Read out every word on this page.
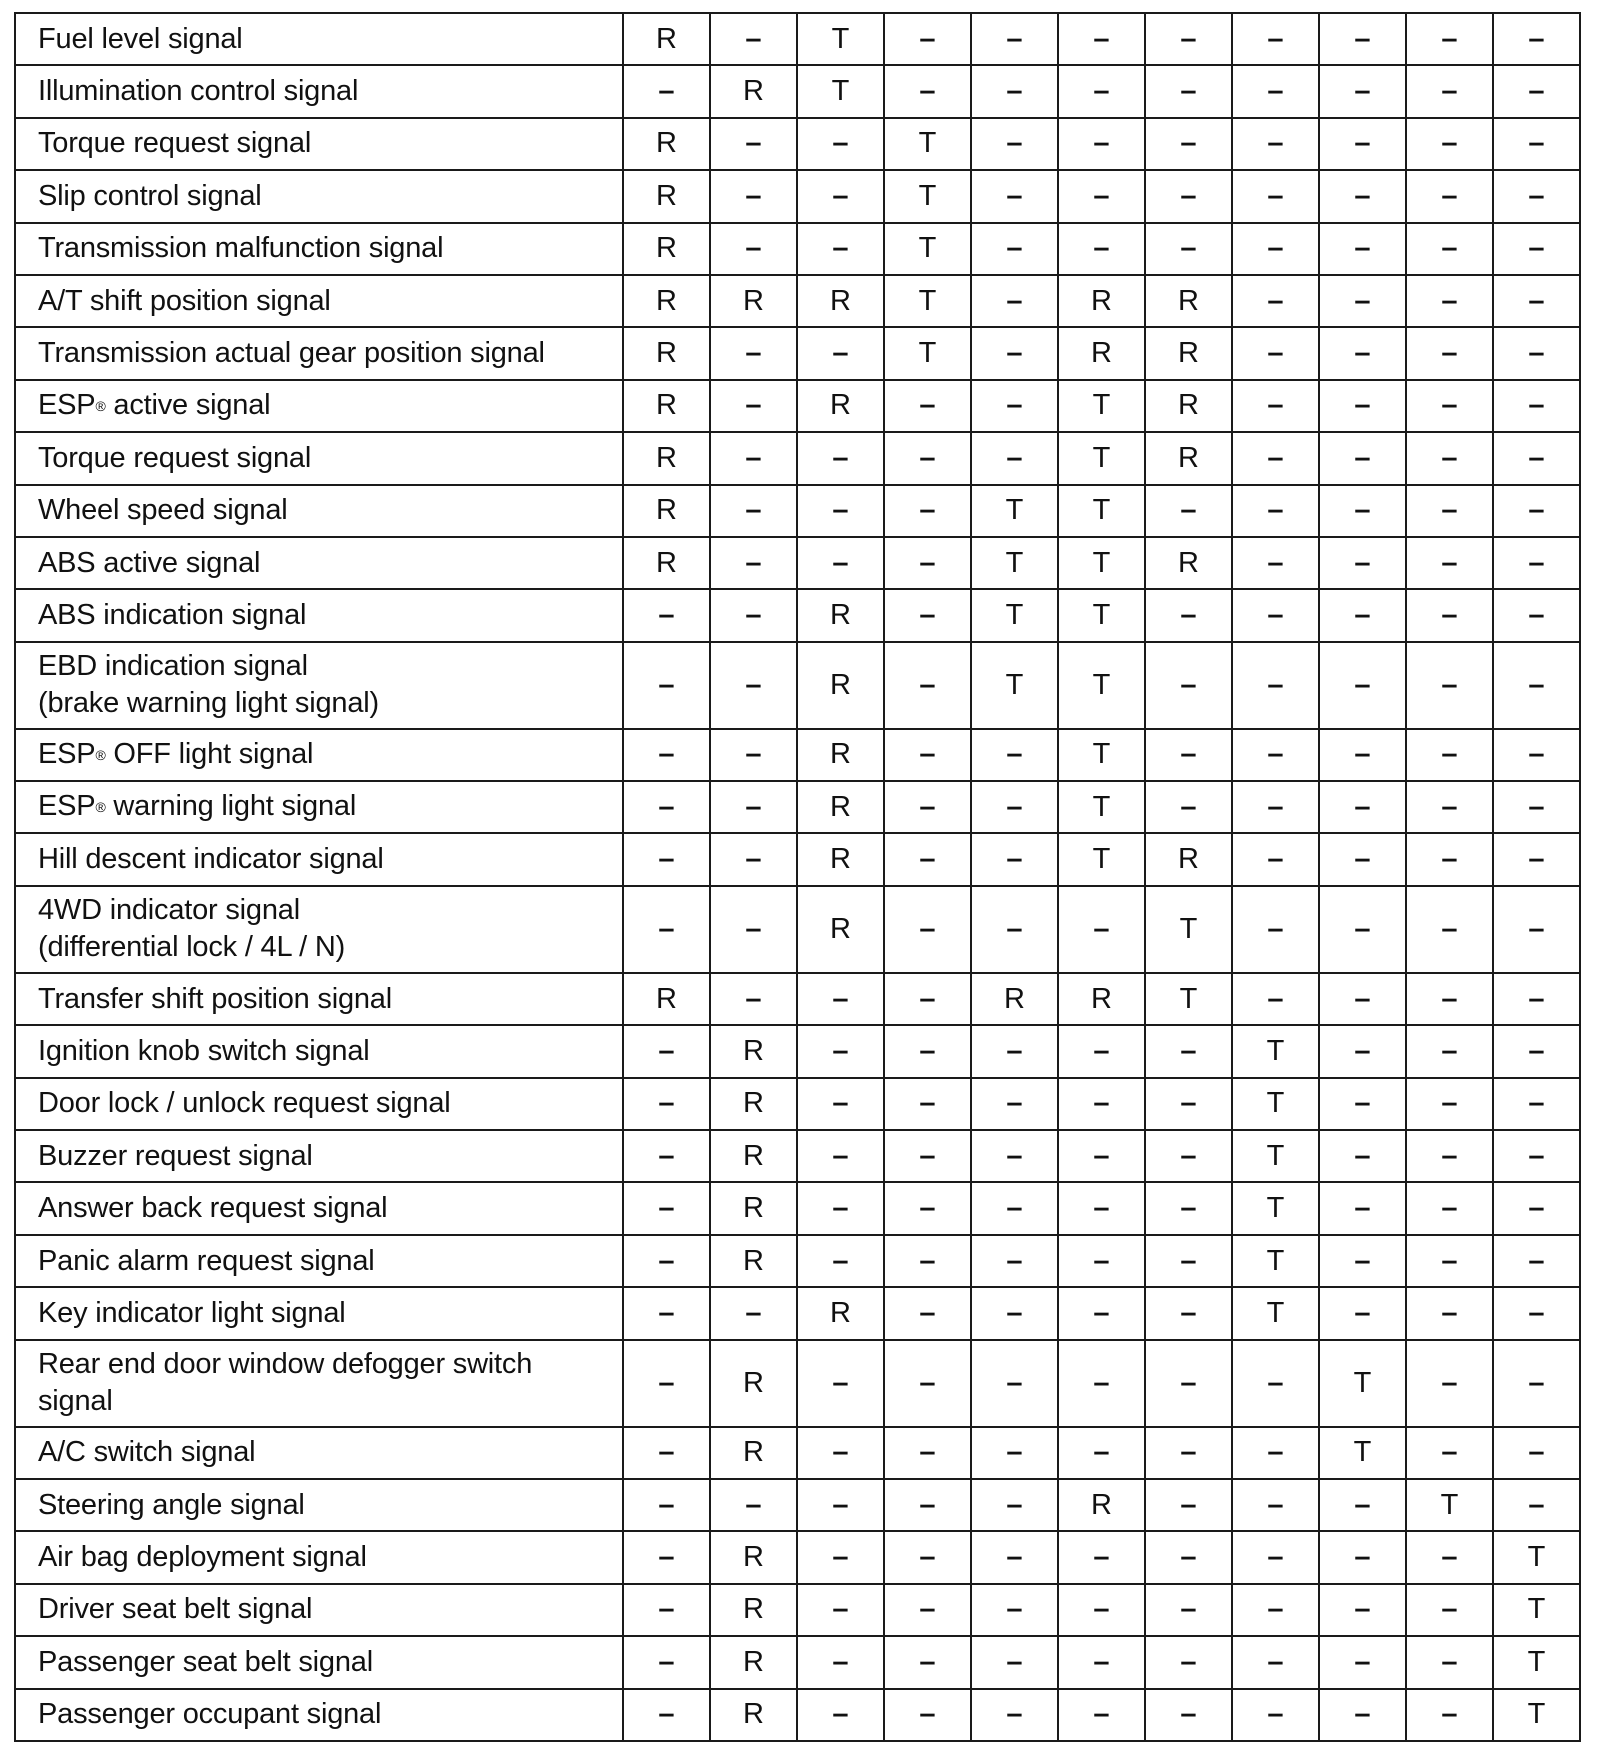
Fuel level signal	R	–	T	–	–	–	–	–	–	–	–
Illumination control signal	–	R	T	–	–	–	–	–	–	–	–
Torque request signal	R	–	–	T	–	–	–	–	–	–	–
Slip control signal	R	–	–	T	–	–	–	–	–	–	–
Transmission malfunction signal	R	–	–	T	–	–	–	–	–	–	–
A/T shift position signal	R	R	R	T	–	R	R	–	–	–	–
Transmission actual gear position signal	R	–	–	T	–	R	R	–	–	–	–
ESP® active signal	R	–	R	–	–	T	R	–	–	–	–
Torque request signal	R	–	–	–	–	T	R	–	–	–	–
Wheel speed signal	R	–	–	–	T	T	–	–	–	–	–
ABS active signal	R	–	–	–	T	T	R	–	–	–	–
ABS indication signal	–	–	R	–	T	T	–	–	–	–	–
EBD indication signal
(brake warning light signal)	–	–	R	–	T	T	–	–	–	–	–
ESP® OFF light signal	–	–	R	–	–	T	–	–	–	–	–
ESP® warning light signal	–	–	R	–	–	T	–	–	–	–	–
Hill descent indicator signal	–	–	R	–	–	T	R	–	–	–	–
4WD indicator signal
(differential lock / 4L / N)	–	–	R	–	–	–	T	–	–	–	–
Transfer shift position signal	R	–	–	–	R	R	T	–	–	–	–
Ignition knob switch signal	–	R	–	–	–	–	–	T	–	–	–
Door lock / unlock request signal	–	R	–	–	–	–	–	T	–	–	–
Buzzer request signal	–	R	–	–	–	–	–	T	–	–	–
Answer back request signal	–	R	–	–	–	–	–	T	–	–	–
Panic alarm request signal	–	R	–	–	–	–	–	T	–	–	–
Key indicator light signal	–	–	R	–	–	–	–	T	–	–	–
Rear end door window defogger switch
signal	–	R	–	–	–	–	–	–	T	–	–
A/C switch signal	–	R	–	–	–	–	–	–	T	–	–
Steering angle signal	–	–	–	–	–	R	–	–	–	T	–
Air bag deployment signal	–	R	–	–	–	–	–	–	–	–	T
Driver seat belt signal	–	R	–	–	–	–	–	–	–	–	T
Passenger seat belt signal	–	R	–	–	–	–	–	–	–	–	T
Passenger occupant signal	–	R	–	–	–	–	–	–	–	–	T
